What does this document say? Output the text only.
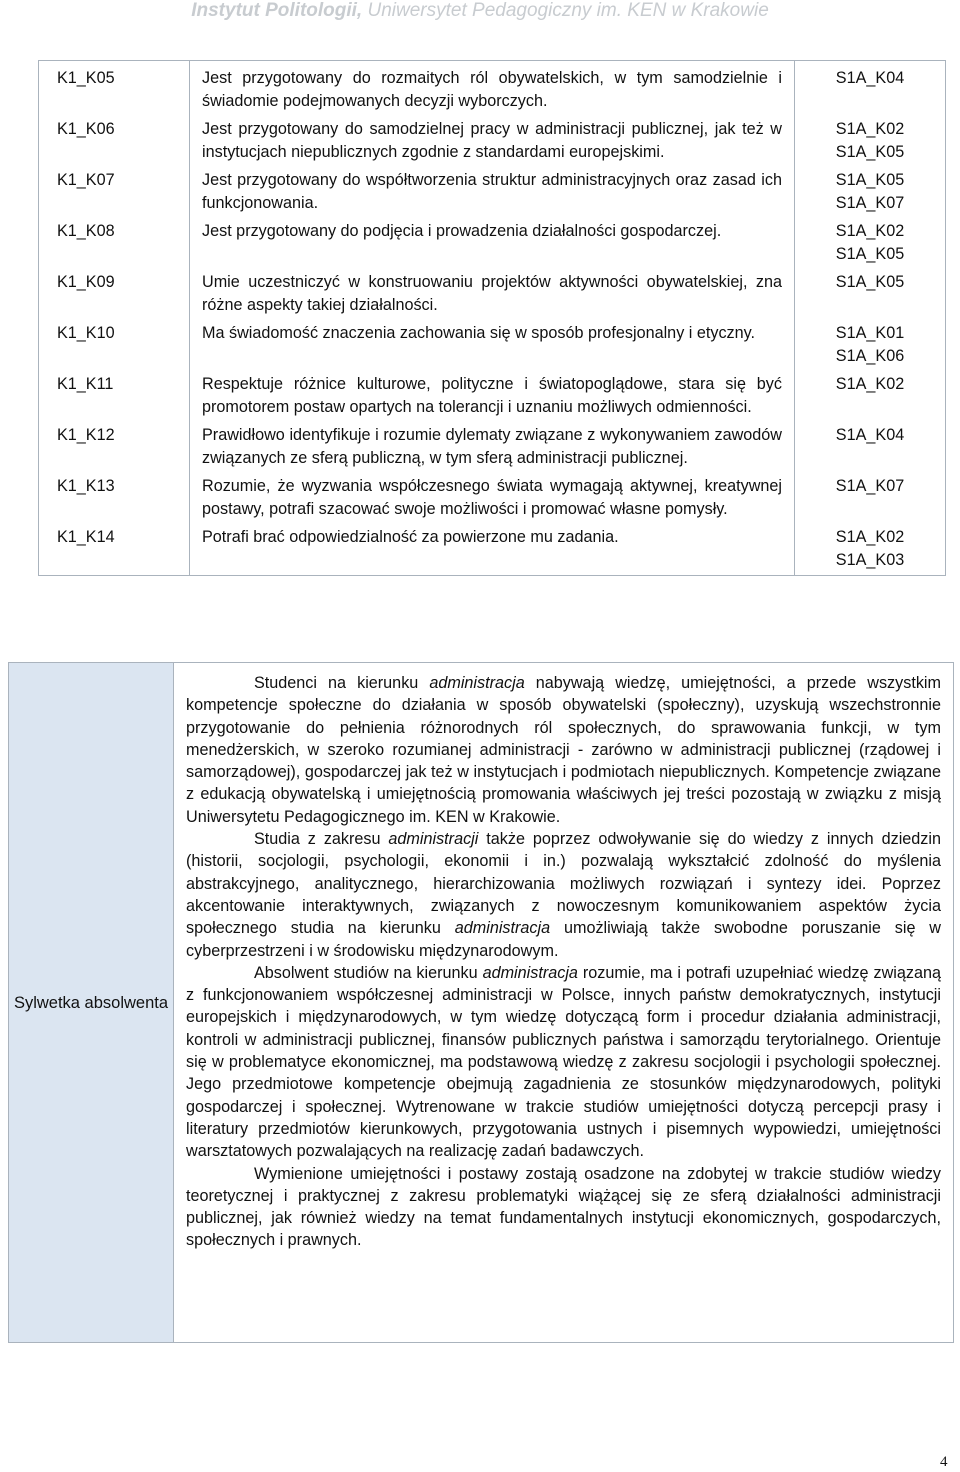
Instytut Politologii, Uniwersytet Pedagogiczny im. KEN w Krakowie
K1_K05	Jest przygotowany do rozmaitych ról obywatelskich, w tym samodzielnie i świadomie podejmowanych decyzji wyborczych.	S1A_K04

K1_K06	Jest przygotowany do samodzielnej pracy w administracji publicznej, jak też w instytucjach niepublicznych zgodnie z standardami europejskimi.	S1A_K02
S1A_K05

K1_K07	Jest przygotowany do współtworzenia struktur administracyjnych oraz zasad ich funkcjonowania.	S1A_K05
S1A_K07

K1_K08	Jest przygotowany do podjęcia i prowadzenia działalności gospodarczej.	S1A_K02
S1A_K05

K1_K09	Umie uczestniczyć w konstruowaniu projektów aktywności obywatelskiej, zna różne aspekty takiej działalności.	S1A_K05

K1_K10	Ma świadomość znaczenia zachowania się w sposób profesjonalny i etyczny.	S1A_K01
S1A_K06

K1_K11	Respektuje różnice kulturowe, polityczne i światopoglądowe, stara się być promotorem postaw opartych na tolerancji i uznaniu możliwych odmienności.	S1A_K02

K1_K12	Prawidłowo identyfikuje i rozumie dylematy związane z wykonywaniem zawodów związanych ze sferą publiczną, w tym sferą administracji publicznej.	S1A_K04

K1_K13	Rozumie, że wyzwania współczesnego świata wymagają aktywnej, kreatywnej postawy, potrafi szacować swoje możliwości i promować własne pomysły.	S1A_K07

K1_K14	Potrafi brać odpowiedzialność za powierzone mu zadania.	S1A_K02
S1A_K03
Sylwetka absolwenta	

Studenci na kierunku administracja nabywają wiedzę, umiejętności, a przede wszystkim kompetencje społeczne do działania w sposób obywatelski (społeczny), uzyskują wszechstronnie przygotowanie do pełnienia różnorodnych ról społecznych, do sprawowania funkcji, w tym menedżerskich, w szeroko rozumianej administracji - zarówno w administracji publicznej (rządowej i samorządowej), gospodarczej jak też w instytucjach i podmiotach niepublicznych. Kompetencje związane z edukacją obywatelską i umiejętnością promowania właściwych jej treści pozostają w związku z misją Uniwersytetu Pedagogicznego im. KEN w Krakowie.

Studia z zakresu administracji także poprzez odwoływanie się do wiedzy z innych dziedzin (historii, socjologii, psychologii, ekonomii i in.) pozwalają wykształcić zdolność do myślenia abstrakcyjnego, analitycznego, hierarchizowania możliwych rozwiązań i syntezy idei. Poprzez akcentowanie interaktywnych, związanych z nowoczesnym komunikowaniem aspektów życia społecznego studia na kierunku administracja umożliwiają także swobodne poruszanie się w cyberprzestrzeni i w środowisku międzynarodowym.

Absolwent studiów na kierunku administracja rozumie, ma i potrafi uzupełniać wiedzę związaną z funkcjonowaniem współczesnej administracji w Polsce, innych państw demokratycznych, instytucji europejskich i międzynarodowych, w tym wiedzę dotyczącą form i procedur działania administracji, kontroli w administracji publicznej, finansów publicznych państwa i samorządu terytorialnego. Orientuje się w problematyce ekonomicznej, ma podstawową wiedzę z zakresu socjologii i psychologii społecznej. Jego przedmiotowe kompetencje obejmują zagadnienia ze stosunków międzynarodowych, polityki gospodarczej i społecznej. Wytrenowane w trakcie studiów umiejętności dotyczą percepcji prasy i literatury przedmiotów kierunkowych, przygotowania ustnych i pisemnych wypowiedzi, umiejętności warsztatowych pozwalających na realizację zadań badawczych.

Wymienione umiejętności i postawy zostają osadzone na zdobytej w trakcie studiów wiedzy teoretycznej i praktycznej z zakresu problematyki wiążącej się ze sferą działalności administracji publicznej, jak również wiedzy na temat fundamentalnych instytucji ekonomicznych, gospodarczych, społecznych i prawnych.

4
